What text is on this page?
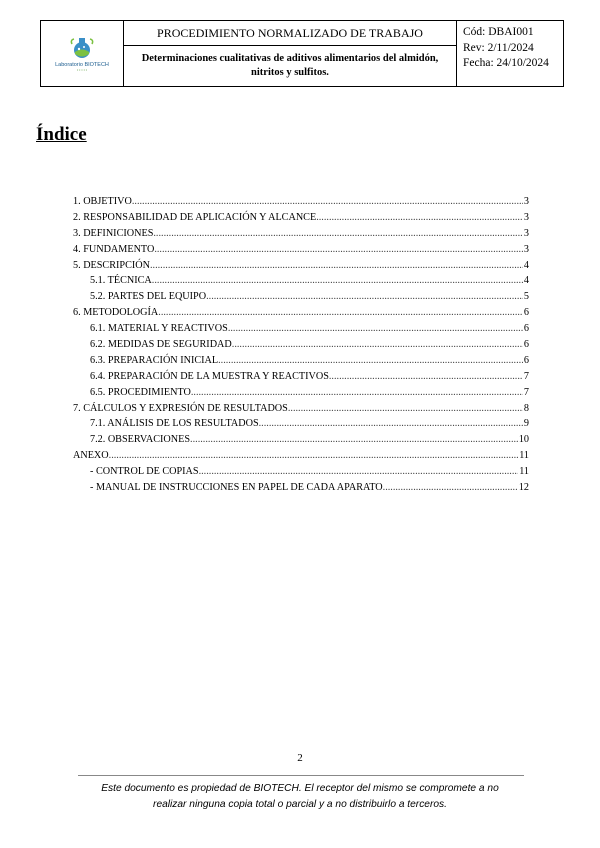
Laboratorio BIOTECH
• • • • •
PROCEDIMIENTO NORMALIZADO DE TRABAJO
Determinaciones cualitativas de aditivos alimentarios del almidón, nitritos y sulfitos.
Cód: DBAI001
Rev: 2/11/2024
Fecha: 24/10/2024
Índice
1. OBJETIVO .....	3
2. RESPONSABILIDAD DE APLICACIÓN Y ALCANCE .....	3
3. DEFINICIONES .....	3
4. FUNDAMENTO .....	3
5. DESCRIPCIÓN .....	4
5.1. TÉCNICA .....	4
5.2. PARTES DEL EQUIPO .....	5
6. METODOLOGÍA .....	6
6.1. MATERIAL Y REACTIVOS .....	6
6.2. MEDIDAS DE SEGURIDAD .....	6
6.3. PREPARACIÓN INICIAL .....	6
6.4. PREPARACIÓN DE LA MUESTRA Y REACTIVOS .....	7
6.5. PROCEDIMIENTO .....	7
7. CÁLCULOS Y EXPRESIÓN DE RESULTADOS .....	8
7.1. ANÁLISIS DE LOS RESULTADOS .....	9
7.2. OBSERVACIONES .....	10
ANEXO .....	11
- CONTROL DE COPIAS .....	11
- MANUAL DE INSTRUCCIONES EN PAPEL DE CADA APARATO .....	12
2
Este documento es propiedad de BIOTECH. El receptor del mismo se compromete a no
realizar ninguna copia total o parcial y a no distribuirlo a terceros.
